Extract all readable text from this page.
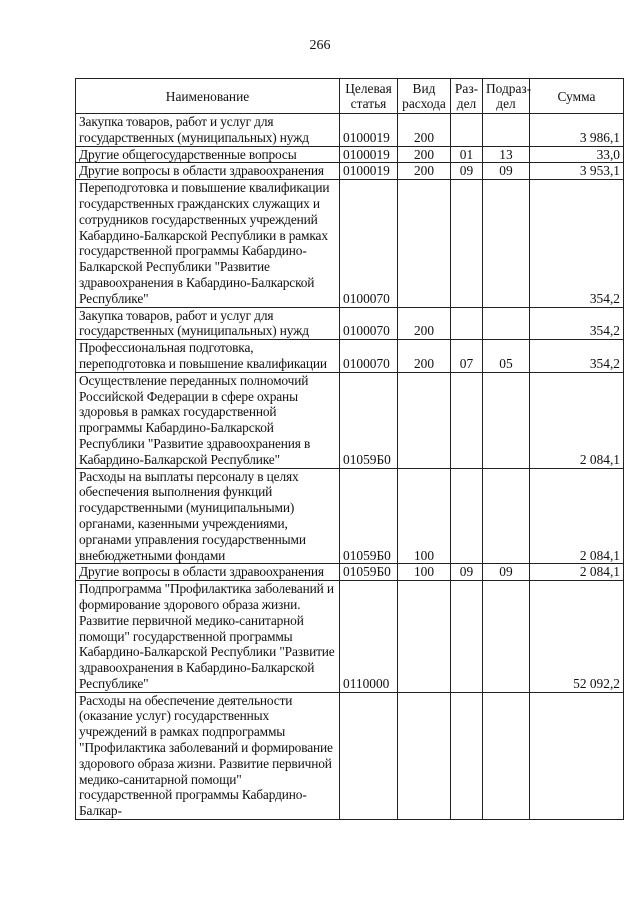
266
Наименование	Целевая статья	Вид расхода	Раз-дел	Подраз-дел	Сумма
Закупка товаров, работ и услуг для государственных (муниципальных) нужд	0100019	200			3 986,1
Другие общегосударственные вопросы	0100019	200	01	13	33,0
Другие вопросы в области здравоохранения	0100019	200	09	09	3 953,1
Переподготовка и повышение квалификации государственных гражданских служащих и сотрудников государственных учреждений Кабардино-Балкарской Республики в рамках государственной программы Кабардино-Балкарской Республики "Развитие здравоохранения в Кабардино-Балкарской Республике"	0100070				354,2
Закупка товаров, работ и услуг для государственных (муниципальных) нужд	0100070	200			354,2
Профессиональная подготовка, переподготовка и повышение квалификации	0100070	200	07	05	354,2
Осуществление переданных полномочий Российской Федерации в сфере охраны здоровья в рамках государственной программы Кабардино-Балкарской Республики "Развитие здравоохранения в Кабардино-Балкарской Республике"	01059Б0				2 084,1
Расходы на выплаты персоналу в целях обеспечения выполнения функций государственными (муниципальными) органами, казенными учреждениями, органами управления государственными внебюджетными фондами	01059Б0	100			2 084,1
Другие вопросы в области здравоохранения	01059Б0	100	09	09	2 084,1
Подпрограмма "Профилактика заболеваний и формирование здорового образа жизни. Развитие первичной медико-санитарной помощи" государственной программы Кабардино-Балкарской Республики "Развитие здравоохранения в Кабардино-Балкарской Республике"	0110000				52 092,2
Расходы на обеспечение деятельности (оказание услуг) государственных учреждений в рамках подпрограммы "Профилактика заболеваний и формирование здорового образа жизни. Развитие первичной медико-санитарной помощи" государственной программы Кабардино-Балкар-					
